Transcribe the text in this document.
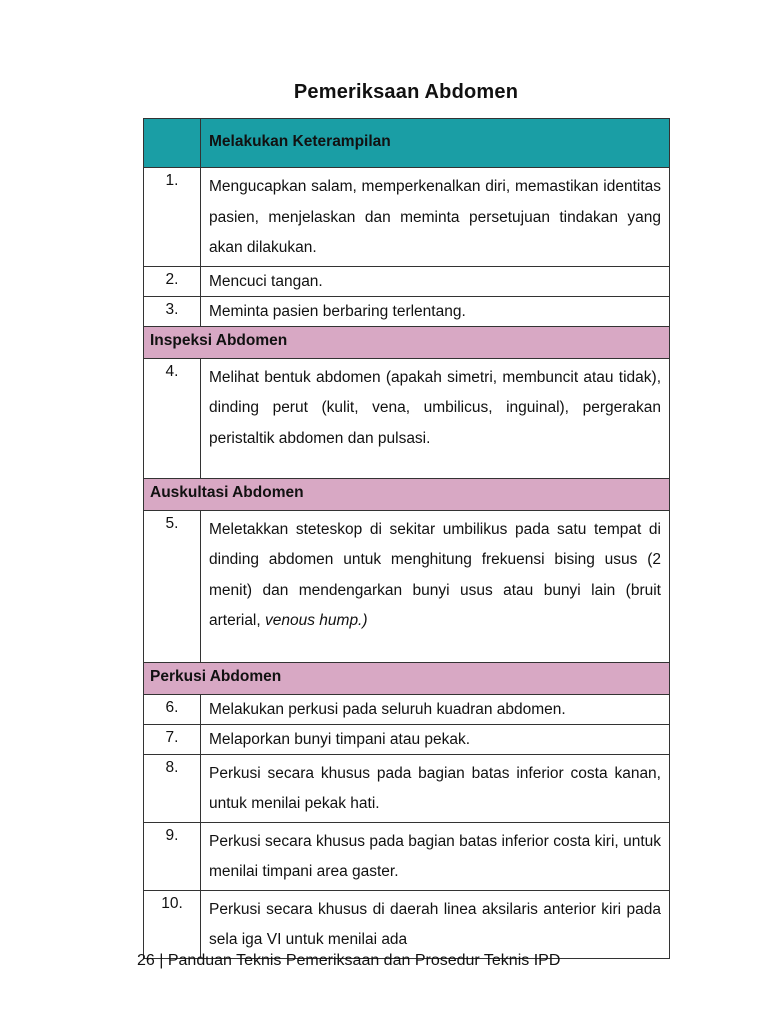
Pemeriksaan Abdomen
	Melakukan Keterampilan
1.	Mengucapkan salam, memperkenalkan diri, memastikan identitas pasien, menjelaskan dan meminta persetujuan tindakan yang akan dilakukan.
2.	Mencuci tangan.
3.	Meminta pasien berbaring terlentang.
Inspeksi Abdomen	
4.	Melihat bentuk abdomen (apakah simetri, membuncit atau tidak), dinding perut (kulit, vena, umbilicus, inguinal), pergerakan peristaltik abdomen dan pulsasi.
Auskultasi Abdomen	
5.	Meletakkan steteskop di sekitar umbilikus pada satu tempat di dinding abdomen untuk menghitung frekuensi bising usus (2 menit) dan mendengarkan bunyi usus atau bunyi lain (bruit arterial, venous hump.)
Perkusi Abdomen	
6.	Melakukan perkusi pada seluruh kuadran abdomen.
7.	Melaporkan bunyi timpani atau pekak.
8.	Perkusi secara khusus pada bagian batas inferior costa kanan, untuk menilai pekak hati.
9.	Perkusi secara khusus pada bagian batas inferior costa kiri, untuk menilai timpani area gaster.
10.	Perkusi secara khusus di daerah linea aksilaris anterior kiri pada sela iga VI untuk menilai ada
26 | Panduan Teknis Pemeriksaan dan Prosedur Teknis IPD
